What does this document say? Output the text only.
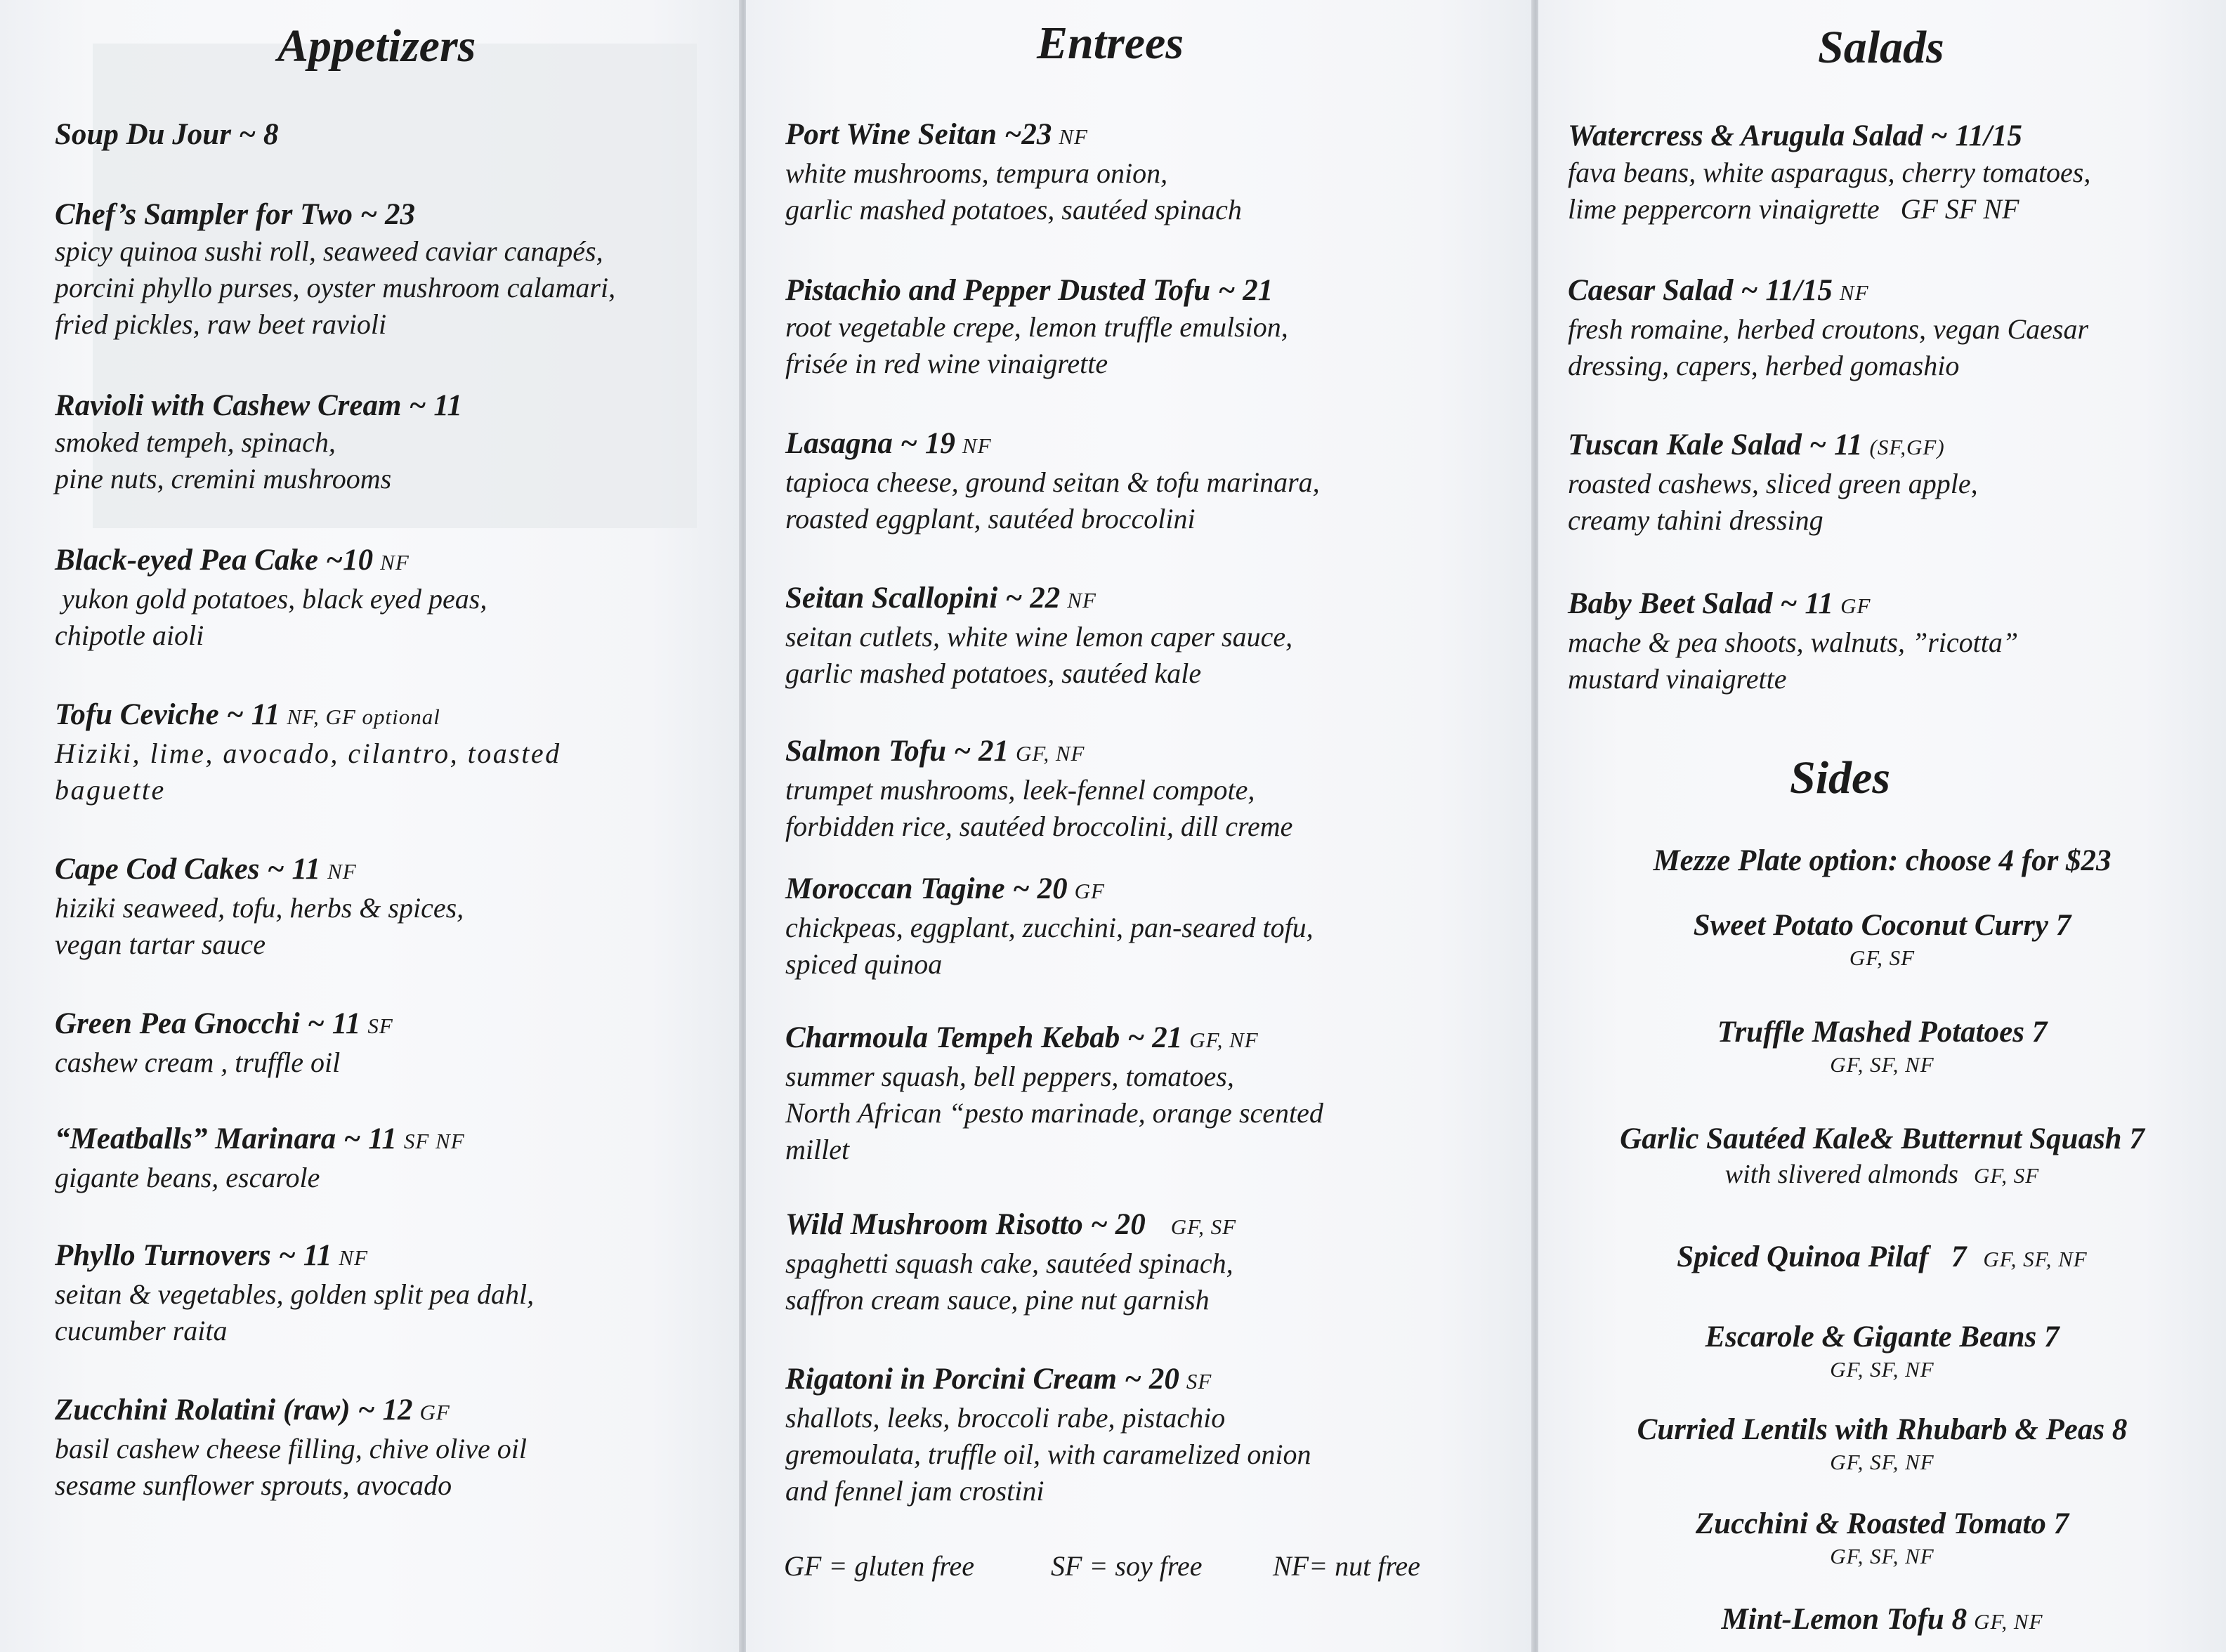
Appetizers
Soup Du Jour ~ 8
Chef’s Sampler for Two ~ 23
spicy quinoa sushi roll, seaweed caviar canapés,
porcini phyllo purses, oyster mushroom calamari,
fried pickles, raw beet ravioli
Ravioli with Cashew Cream ~ 11
smoked tempeh, spinach,
pine nuts, cremini mushrooms
Black-eyed Pea Cake ~10 NF
yukon gold potatoes, black eyed peas,
chipotle aioli
Tofu Ceviche ~ 11 NF, GF optional
Hiziki, lime, avocado, cilantro, toasted
baguette
Cape Cod Cakes ~ 11 NF
hiziki seaweed, tofu, herbs & spices,
vegan tartar sauce
Green Pea Gnocchi ~ 11 SF
cashew cream , truffle oil
“Meatballs” Marinara ~ 11 SF NF
gigante beans, escarole
Phyllo Turnovers ~ 11 NF
seitan & vegetables, golden split pea dahl,
cucumber raita
Zucchini Rolatini (raw) ~ 12 GF
basil cashew cheese filling, chive olive oil
sesame sunflower sprouts, avocado
Entrees
Port Wine Seitan ~23 NF
white mushrooms, tempura onion,
garlic mashed potatoes, sautéed spinach
Pistachio and Pepper Dusted Tofu ~ 21
root vegetable crepe, lemon truffle emulsion,
frisée in red wine vinaigrette
Lasagna ~ 19 NF
tapioca cheese, ground seitan & tofu marinara,
roasted eggplant, sautéed broccolini
Seitan Scallopini ~ 22 NF
seitan cutlets, white wine lemon caper sauce,
garlic mashed potatoes, sautéed kale
Salmon Tofu ~ 21 GF, NF
trumpet mushrooms, leek-fennel compote,
forbidden rice, sautéed broccolini, dill creme
Moroccan Tagine ~ 20 GF
chickpeas, eggplant, zucchini, pan-seared tofu,
spiced quinoa
Charmoula Tempeh Kebab ~ 21 GF, NF
summer squash, bell peppers, tomatoes,
North African “pesto marinade, orange scented
millet
Wild Mushroom Risotto ~ 20 GF, SF
spaghetti squash cake, sautéed spinach,
saffron cream sauce, pine nut garnish
Rigatoni in Porcini Cream ~ 20 SF
shallots, leeks, broccoli rabe, pistachio
gremoulata, truffle oil, with caramelized onion
and fennel jam crostini
GF = gluten free	SF = soy free	NF= nut free
Salads
Watercress & Arugula Salad ~ 11/15
fava beans, white asparagus, cherry tomatoes,
lime peppercorn vinaigrette   GF SF NF
Caesar Salad ~ 11/15 NF
fresh romaine, herbed croutons, vegan Caesar
dressing, capers, herbed gomashio
Tuscan Kale Salad ~ 11 (SF,GF)
roasted cashews, sliced green apple,
creamy tahini dressing
Baby Beet Salad ~ 11 GF
mache & pea shoots, walnuts, ”ricotta”
mustard vinaigrette
Sides
Mezze Plate option: choose 4 for $23
Sweet Potato Coconut Curry 7
GF, SF
Truffle Mashed Potatoes 7
GF, SF, NF
Garlic Sautéed Kale& Butternut Squash 7
with slivered almonds GF, SF
Spiced Quinoa Pilaf   7 GF, SF, NF
Escarole & Gigante Beans 7
GF, SF, NF
Curried Lentils with Rhubarb & Peas 8
GF, SF, NF
Zucchini & Roasted Tomato 7
GF, SF, NF
Mint-Lemon Tofu 8 GF, NF
